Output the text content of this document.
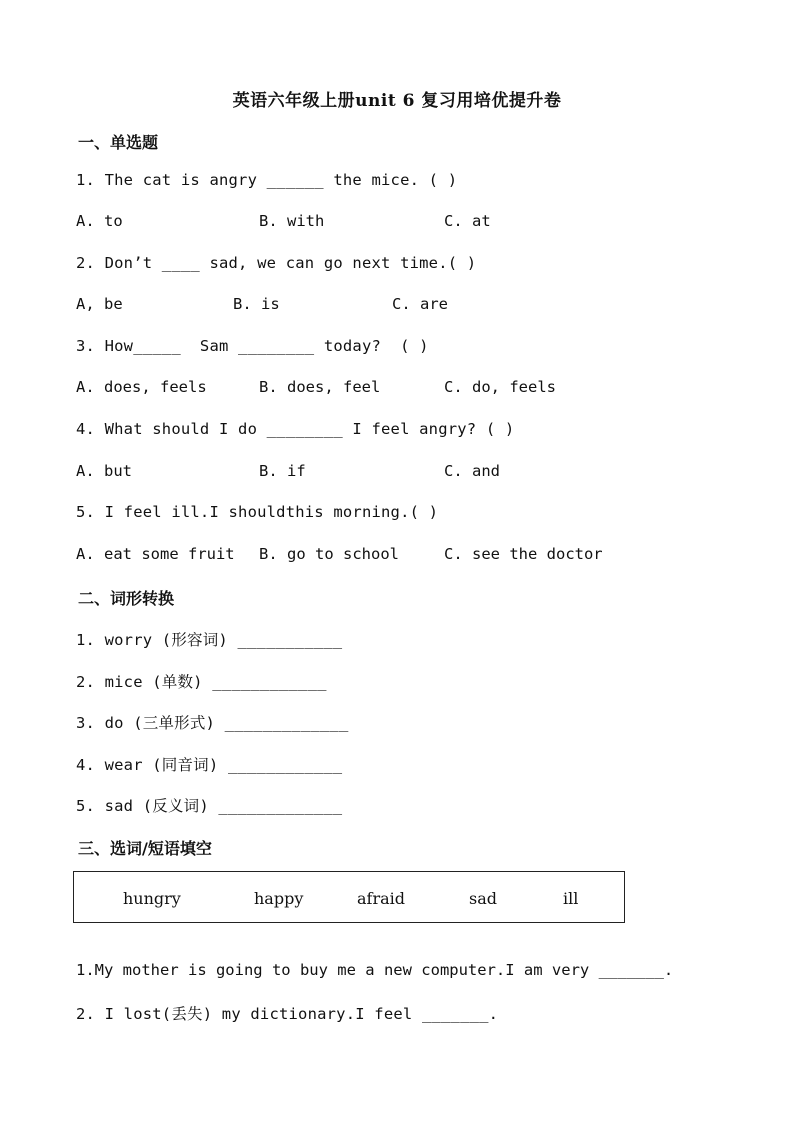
英语六年级上册unit 6 复习用培优提升卷
一、单选题
1. The cat is angry ______ the mice. ( )
A. to	B. with	C. at
2. Don’t ____ sad, we can go next time.( )
A, be	B. is	C. are
3. How_____  Sam ________ today?  ( )
A. does, feels	B. does, feel	C. do, feels
4. What should I do ________ I feel angry? ( )
A. but	B. if	C. and
5. I feel ill.I shouldthis morning.( )
A. eat some fruit B. go to school	C. see the doctor
二、词形转换
1. worry (形容词) ___________
2. mice (单数) ____________
3. do (三单形式) _____________
4. wear (同音词) ____________
5. sad (反义词) _____________
三、选词/短语填空
hungry	happy	afraid	sad	ill
1.My mother is going to buy me a new computer.I am very _______.
2. I lost(丢失) my dictionary.I feel _______.
